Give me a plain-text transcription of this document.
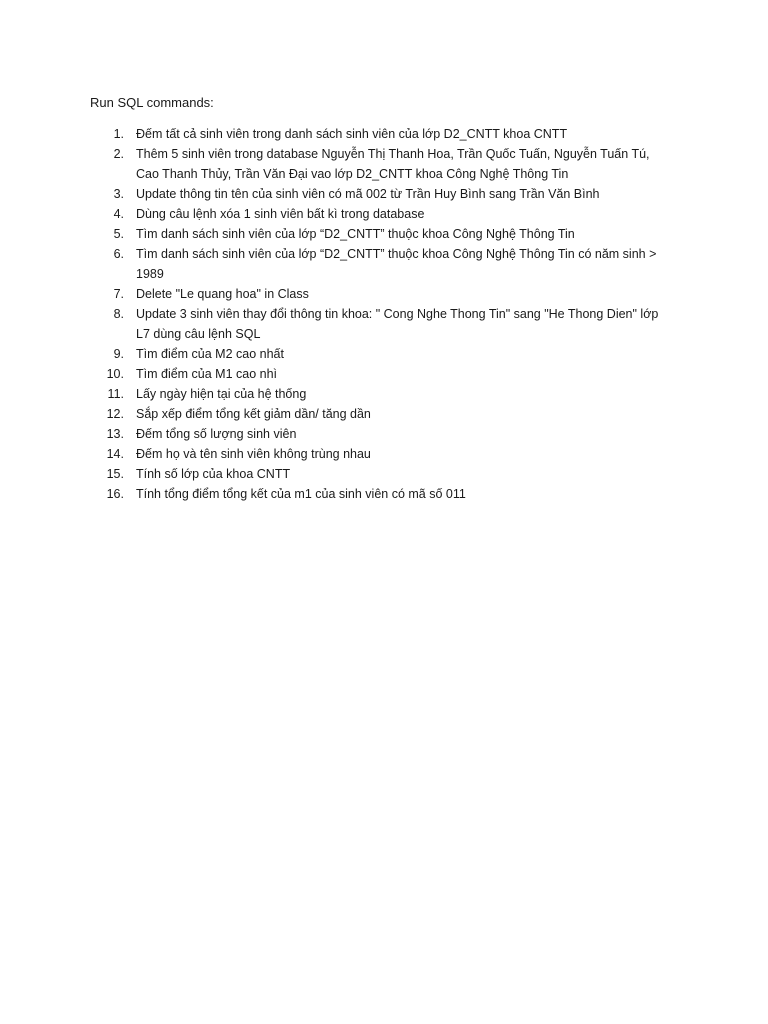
Run SQL commands:
1. Đếm tất cả sinh viên trong danh sách sinh viên của lớp D2_CNTT khoa CNTT
2. Thêm 5 sinh viên trong database Nguyễn Thị Thanh Hoa, Trần Quốc Tuấn, Nguyễn Tuấn Tú, Cao Thanh Thủy, Trần Văn Đại vao lớp D2_CNTT khoa Công Nghệ Thông Tin
3. Update thông tin tên của sinh viên có mã 002 từ Trần Huy Bình sang Trần Văn Bình
4. Dùng câu lệnh xóa 1 sinh viên bất kì trong database
5. Tìm danh sách sinh viên của lớp “D2_CNTT” thuộc khoa Công Nghệ Thông Tin
6. Tìm danh sách sinh viên của lớp “D2_CNTT” thuộc khoa Công Nghệ Thông Tin có năm sinh > 1989
7. Delete "Le quang hoa" in Class
8. Update 3 sinh viên thay đổi thông tin khoa: " Cong Nghe Thong Tin" sang "He Thong Dien" lớp L7 dùng câu lệnh SQL
9. Tìm điểm của M2 cao nhất
10. Tìm điểm của M1 cao nhì
11. Lấy ngày hiện tại của hệ thống
12. Sắp xếp điểm tổng kết giảm dần/ tăng dần
13. Đếm tổng số lượng sinh viên
14. Đếm họ và tên sinh viên không trùng nhau
15. Tính số lớp của khoa CNTT
16. Tính tổng điểm tổng kết của m1 của sinh viên có mã số 011
